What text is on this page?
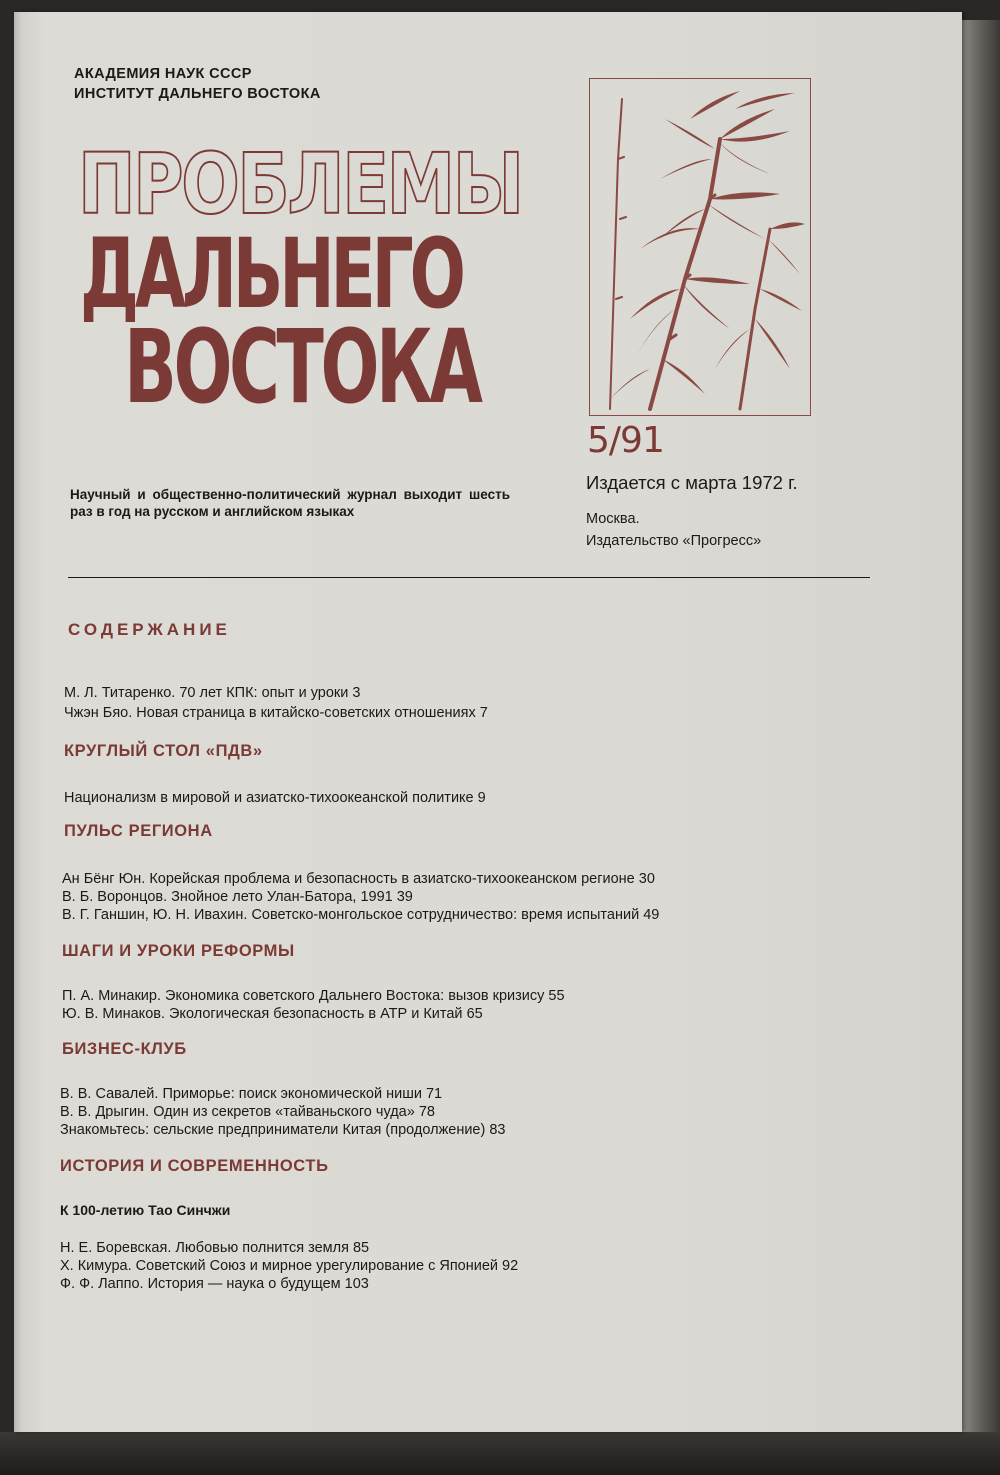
АКАДЕМИЯ НАУК СССР
ИНСТИТУТ ДАЛЬНЕГО ВОСТОКА
ПРОБЛЕМЫ
ДАЛЬНЕГО
ВОСТОКА
5/91
Издается с марта 1972 г.
Москва.
Издательство «Прогресс»
Научный и общественно-политический журнал выходит шесть раз в год на русском и английском языках
СОДЕРЖАНИЕ
М. Л. Титаренко. 70 лет КПК: опыт и уроки 3
Чжэн Бяо. Новая страница в китайско-советских отношениях 7
КРУГЛЫЙ СТОЛ «ПДВ»
Национализм в мировой и азиатско-тихоокеанской политике 9
ПУЛЬС РЕГИОНА
Ан Бёнг Юн. Корейская проблема и безопасность в азиатско-тихоокеанском регионе 30
В. Б. Воронцов. Знойное лето Улан-Батора, 1991 39
В. Г. Ганшин, Ю. Н. Ивахин. Советско-монгольское сотрудничество: время испытаний 49
ШАГИ И УРОКИ РЕФОРМЫ
П. А. Минакир. Экономика советского Дальнего Востока: вызов кризису 55
Ю. В. Минаков. Экологическая безопасность в АТР и Китай 65
БИЗНЕС-КЛУБ
В. В. Савалей. Приморье: поиск экономической ниши 71
В. В. Дрыгин. Один из секретов «тайваньского чуда» 78
Знакомьтесь: сельские предприниматели Китая (продолжение) 83
ИСТОРИЯ И СОВРЕМЕННОСТЬ
К 100-летию Тао Синчжи
Н. Е. Боревская. Любовью полнится земля 85
Х. Кимура. Советский Союз и мирное урегулирование с Японией 92
Ф. Ф. Лаппо. История — наука о будущем 103
